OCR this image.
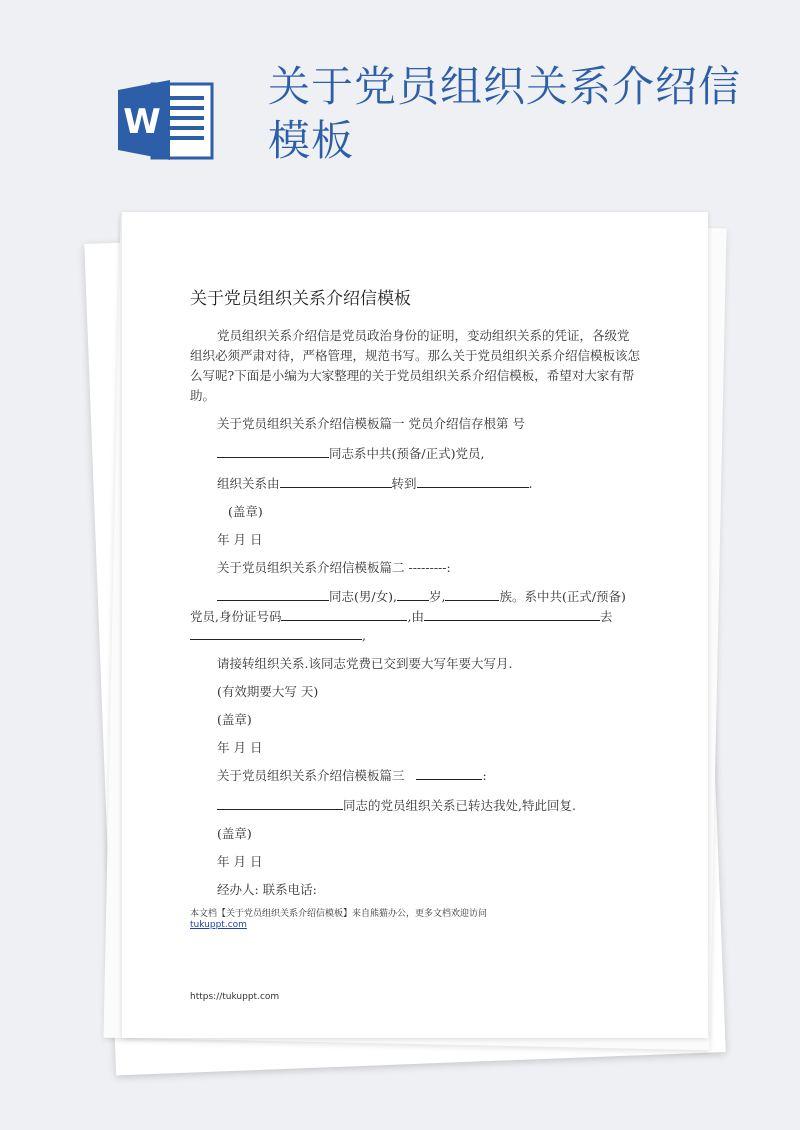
W
关于党员组织关系介绍信模板
关于党员组织关系介绍信模板

党员组织关系介绍信是党员政治身份的证明，变动组织关系的凭证，各级党组织必须严肃对待，严格管理，规范书写。那么关于党员组织关系介绍信模板该怎么写呢?下面是小编为大家整理的关于党员组织关系介绍信模板，希望对大家有帮助。

关于党员组织关系介绍信模板篇一 党员介绍信存根第 号
同志系中共(预备/正式)党员,
组织关系由	转到	.
(盖章)
年 月 日
关于党员组织关系介绍信模板篇二 ---------:
同志(男/女),	岁,	族。系中共(正式/预备)
党员,身份证号码	,由	去
,
请接转组织关系.该同志党费已交到要大写年要大写月.
(有效期要大写 天)
(盖章)
年 月 日
关于党员组织关系介绍信模板篇三	:
同志的党员组织关系已转达我处,特此回复.
(盖章)
年 月 日
经办人: 联系电话:
本文档【关于党员组织关系介绍信模板】来自熊猫办公，更多文档欢迎访问
tukuppt.com
https://tukuppt.com
